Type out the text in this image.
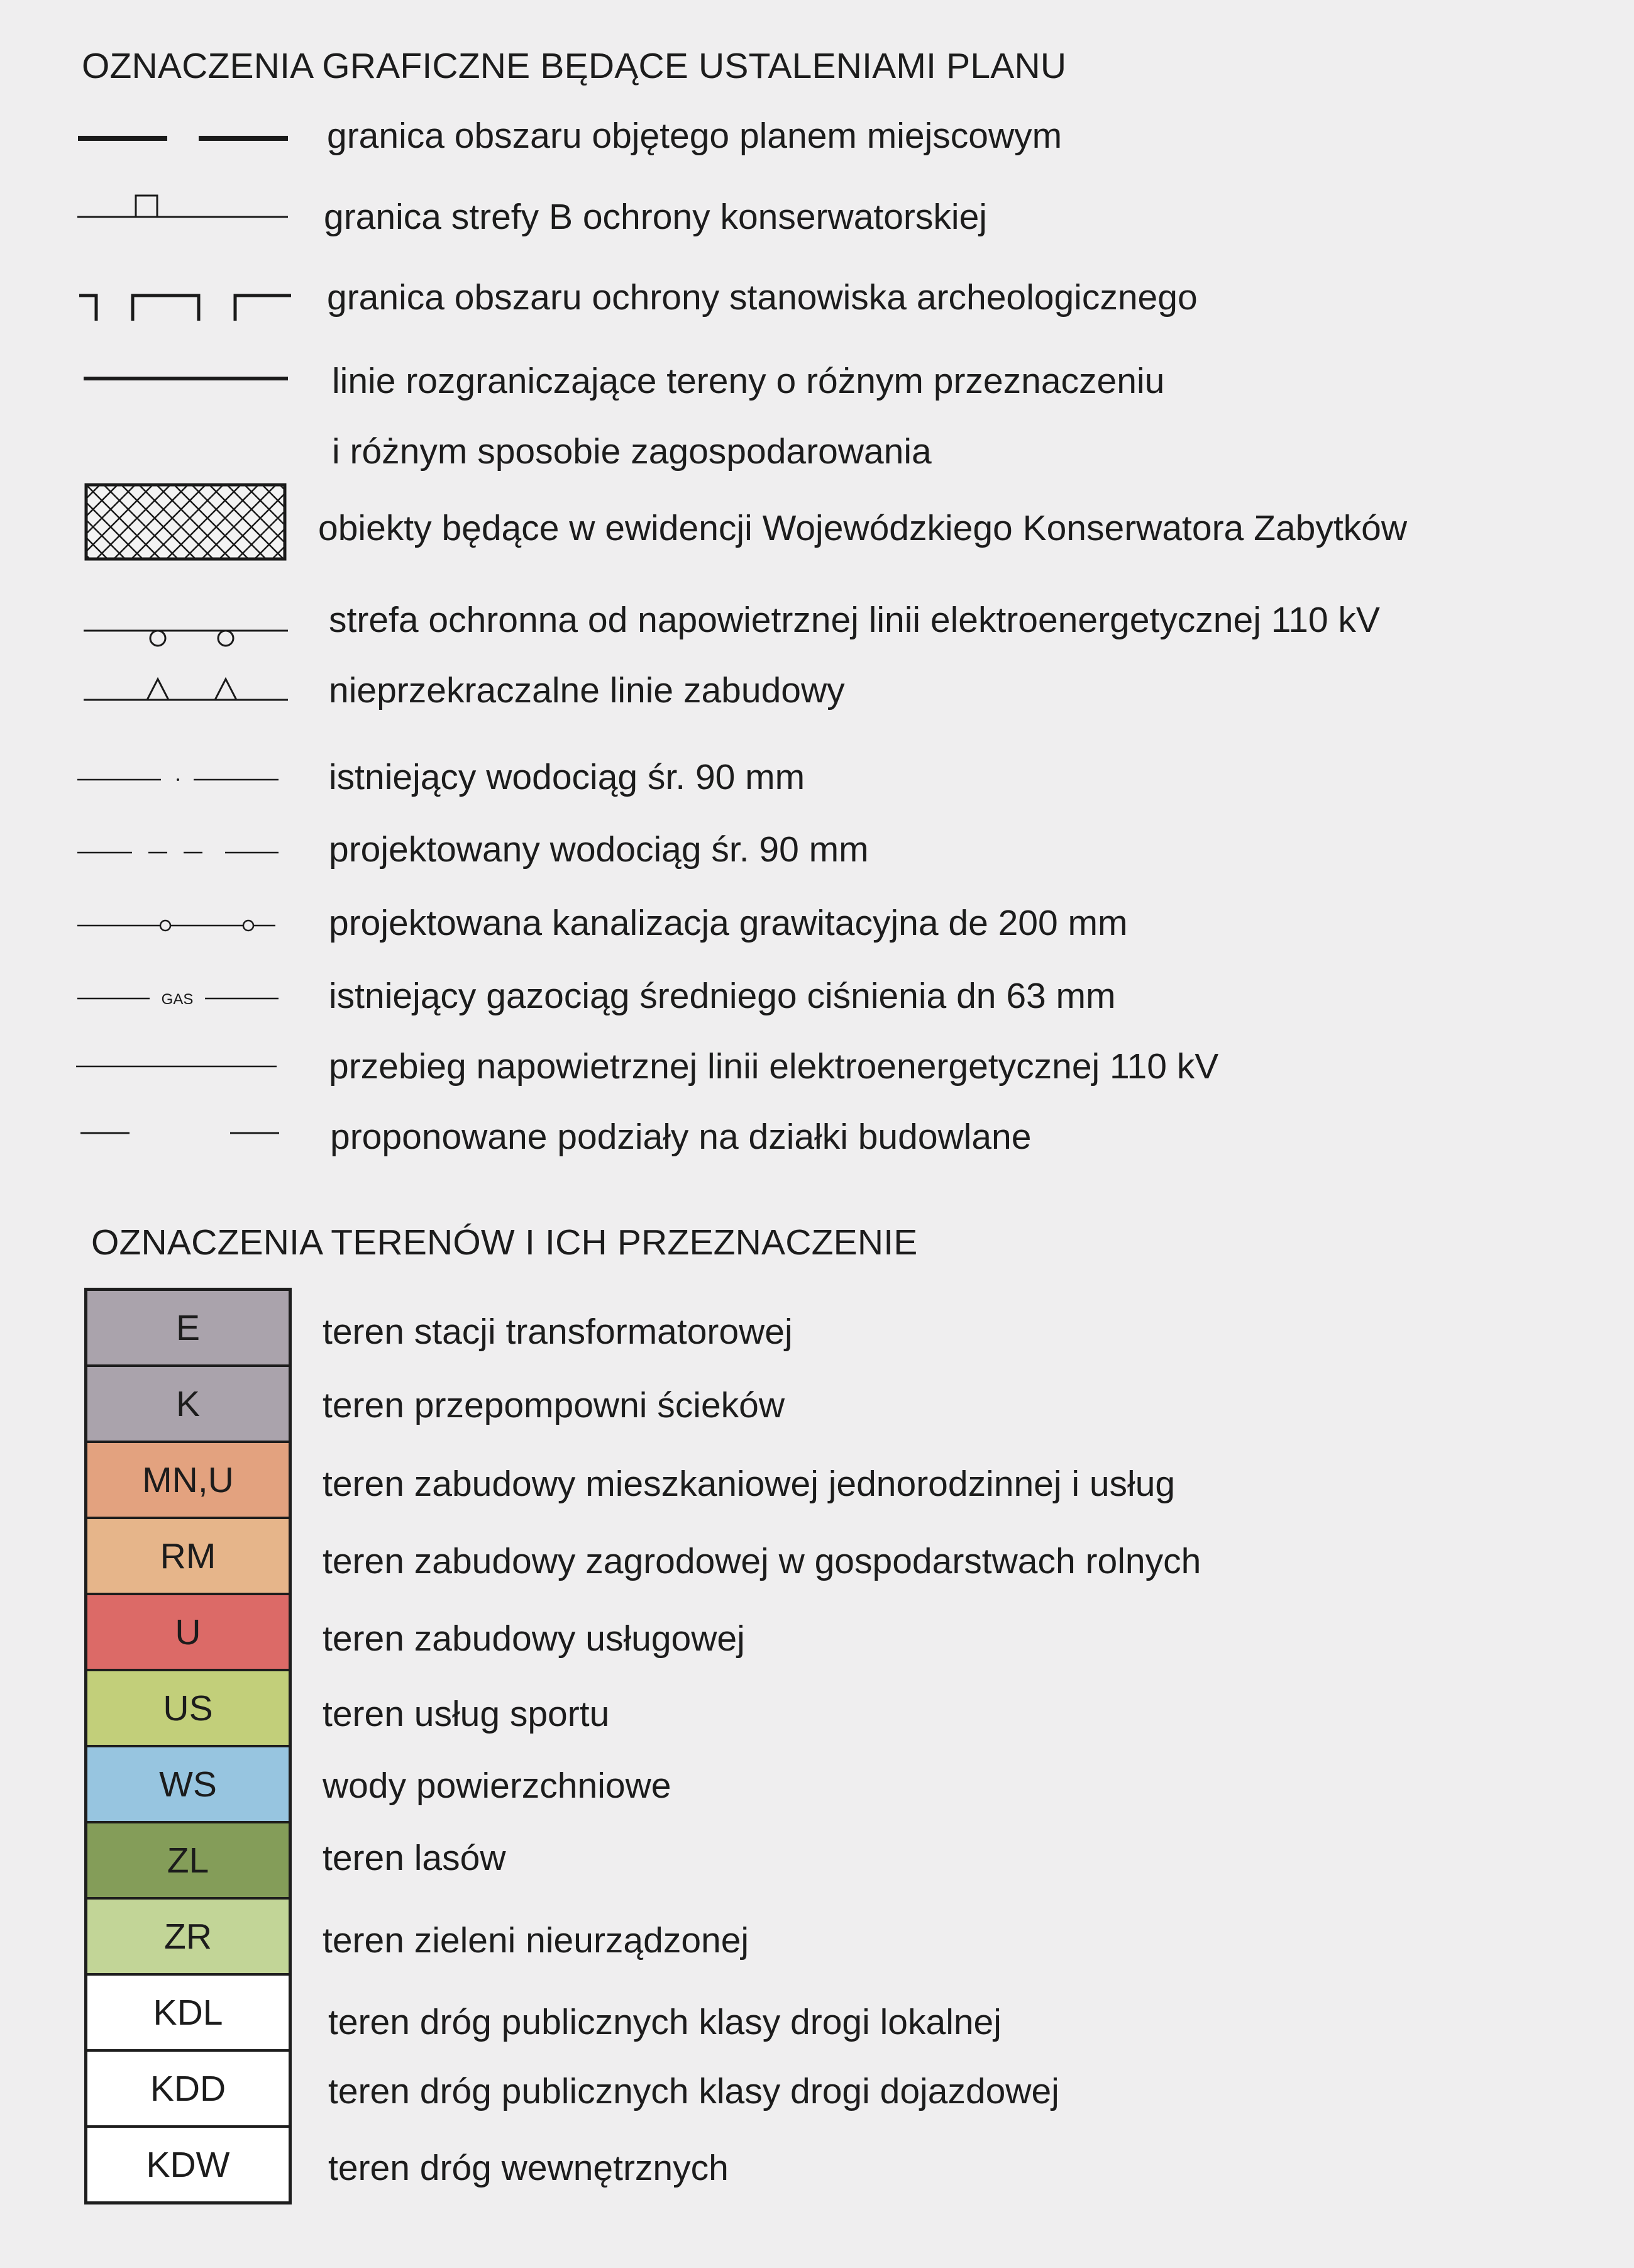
OZNACZENIA GRAFICZNE BĘDĄCE USTALENIAMI PLANU
granica obszaru objętego planem miejscowym
granica strefy B ochrony konserwatorskiej
granica obszaru ochrony stanowiska archeologicznego
linie rozgraniczające tereny o różnym przeznaczeniu
i różnym sposobie zagospodarowania
obiekty będące w ewidencji Wojewódzkiego Konserwatora Zabytków
strefa ochronna od napowietrznej linii elektroenergetycznej 110 kV
nieprzekraczalne linie zabudowy
istniejący wodociąg śr. 90 mm
projektowany wodociąg śr. 90 mm
projektowana kanalizacja grawitacyjna de 200 mm
GAS	istniejący gazociąg średniego ciśnienia dn 63 mm
przebieg napowietrznej linii elektroenergetycznej 110 kV
proponowane podziały na działki budowlane
OZNACZENIA TERENÓW I ICH PRZEZNACZENIE
E
K
MN,U
RM
U
US
WS
ZL
ZR
KDL
KDD
KDW
teren stacji transformatorowej
teren przepompowni ścieków
teren zabudowy mieszkaniowej jednorodzinnej i usług
teren zabudowy zagrodowej w gospodarstwach rolnych
teren zabudowy usługowej
teren usług sportu
wody powierzchniowe
teren lasów
teren zieleni nieurządzonej
teren dróg publicznych klasy drogi lokalnej
teren dróg publicznych klasy drogi dojazdowej
teren dróg wewnętrznych
